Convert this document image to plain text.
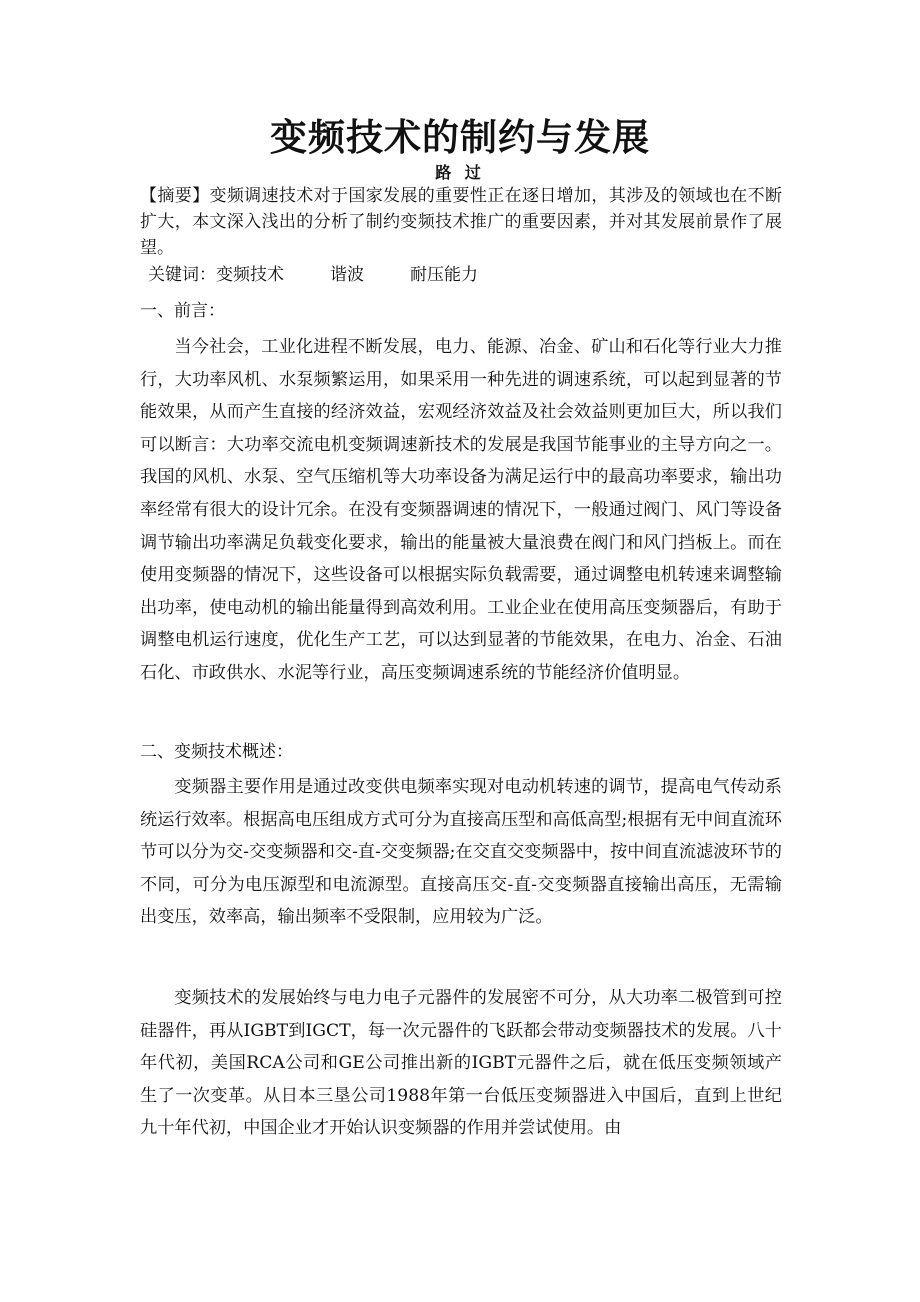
变频技术的制约与发展
路 过
【摘要】变频调速技术对于国家发展的重要性正在逐日增加，其涉及的领域也在不断扩大，本文深入浅出的分析了制约变频技术推广的重要因素，并对其发展前景作了展望。
关键词：变频技术	谐波	耐压能力
一、前言：
当今社会，工业化进程不断发展，电力、能源、冶金、矿山和石化等行业大力推行，大功率风机、水泵频繁运用，如果采用一种先进的调速系统，可以起到显著的节能效果，从而产生直接的经济效益，宏观经济效益及社会效益则更加巨大，所以我们可以断言：大功率交流电机变频调速新技术的发展是我国节能事业的主导方向之一。我国的风机、水泵、空气压缩机等大功率设备为满足运行中的最高功率要求，输出功率经常有很大的设计冗余。在没有变频器调速的情况下，一般通过阀门、风门等设备调节输出功率满足负载变化要求，输出的能量被大量浪费在阀门和风门挡板上。而在使用变频器的情况下，这些设备可以根据实际负载需要，通过调整电机转速来调整输出功率，使电动机的输出能量得到高效利用。工业企业在使用高压变频器后，有助于调整电机运行速度，优化生产工艺，可以达到显著的节能效果，在电力、冶金、石油石化、市政供水、水泥等行业，高压变频调速系统的节能经济价值明显。
二、变频技术概述：
变频器主要作用是通过改变供电频率实现对电动机转速的调节，提高电气传动系统运行效率。根据高电压组成方式可分为直接高压型和高低高型;根据有无中间直流环节可以分为交-交变频器和交-直-交变频器;在交直交变频器中，按中间直流滤波环节的不同，可分为电压源型和电流源型。直接高压交-直-交变频器直接输出高压，无需输出变压，效率高，输出频率不受限制，应用较为广泛。
变频技术的发展始终与电力电子元器件的发展密不可分，从大功率二极管到可控硅器件，再从IGBT到IGCT，每一次元器件的飞跃都会带动变频器技术的发展。八十年代初，美国RCA公司和GE公司推出新的IGBT元器件之后，就在低压变频领域产生了一次变革。从日本三垦公司1988年第一台低压变频器进入中国后，直到上世纪九十年代初，中国企业才开始认识变频器的作用并尝试使用。由
